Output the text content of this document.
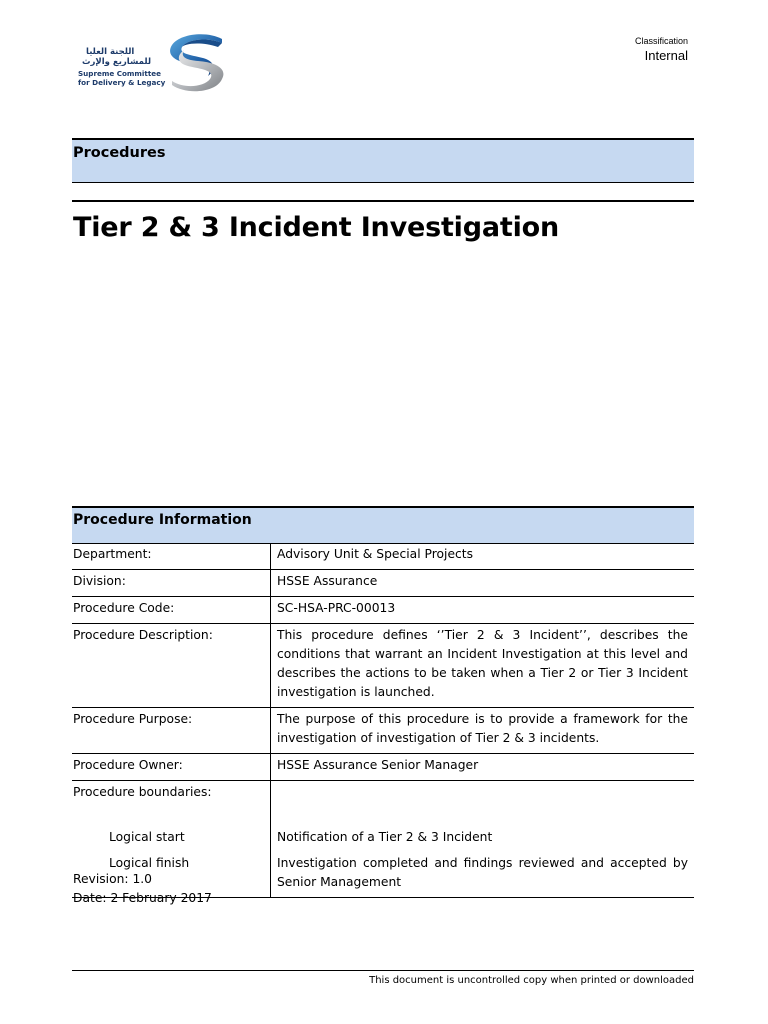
اللجنة العليا
للمشاريع والإرث
Supreme Committee
for Delivery & Legacy
Classification
Internal
Procedures
Tier 2 & 3 Incident Investigation
Procedure Information
Department:	Advisory Unit & Special Projects
Division:	HSSE Assurance
Procedure Code:	SC-HSA-PRC-00013
Procedure Description:	This procedure defines ‘’Tier 2 & 3 Incident’’, describes the conditions that warrant an Incident Investigation at this level and describes the actions to be taken when a Tier 2 or Tier 3 Incident investigation is launched.
Procedure Purpose:	The purpose of this procedure is to provide a framework for the investigation of investigation of Tier 2 & 3 incidents.
Procedure Owner:	HSSE Assurance Senior Manager
Procedure boundaries:	
Logical start	Notification of a Tier 2 & 3 Incident
Logical finish	Investigation completed and findings reviewed and accepted by Senior Management
Revision: 1.0
Date: 2 February 2017
This document is uncontrolled copy when printed or downloaded
